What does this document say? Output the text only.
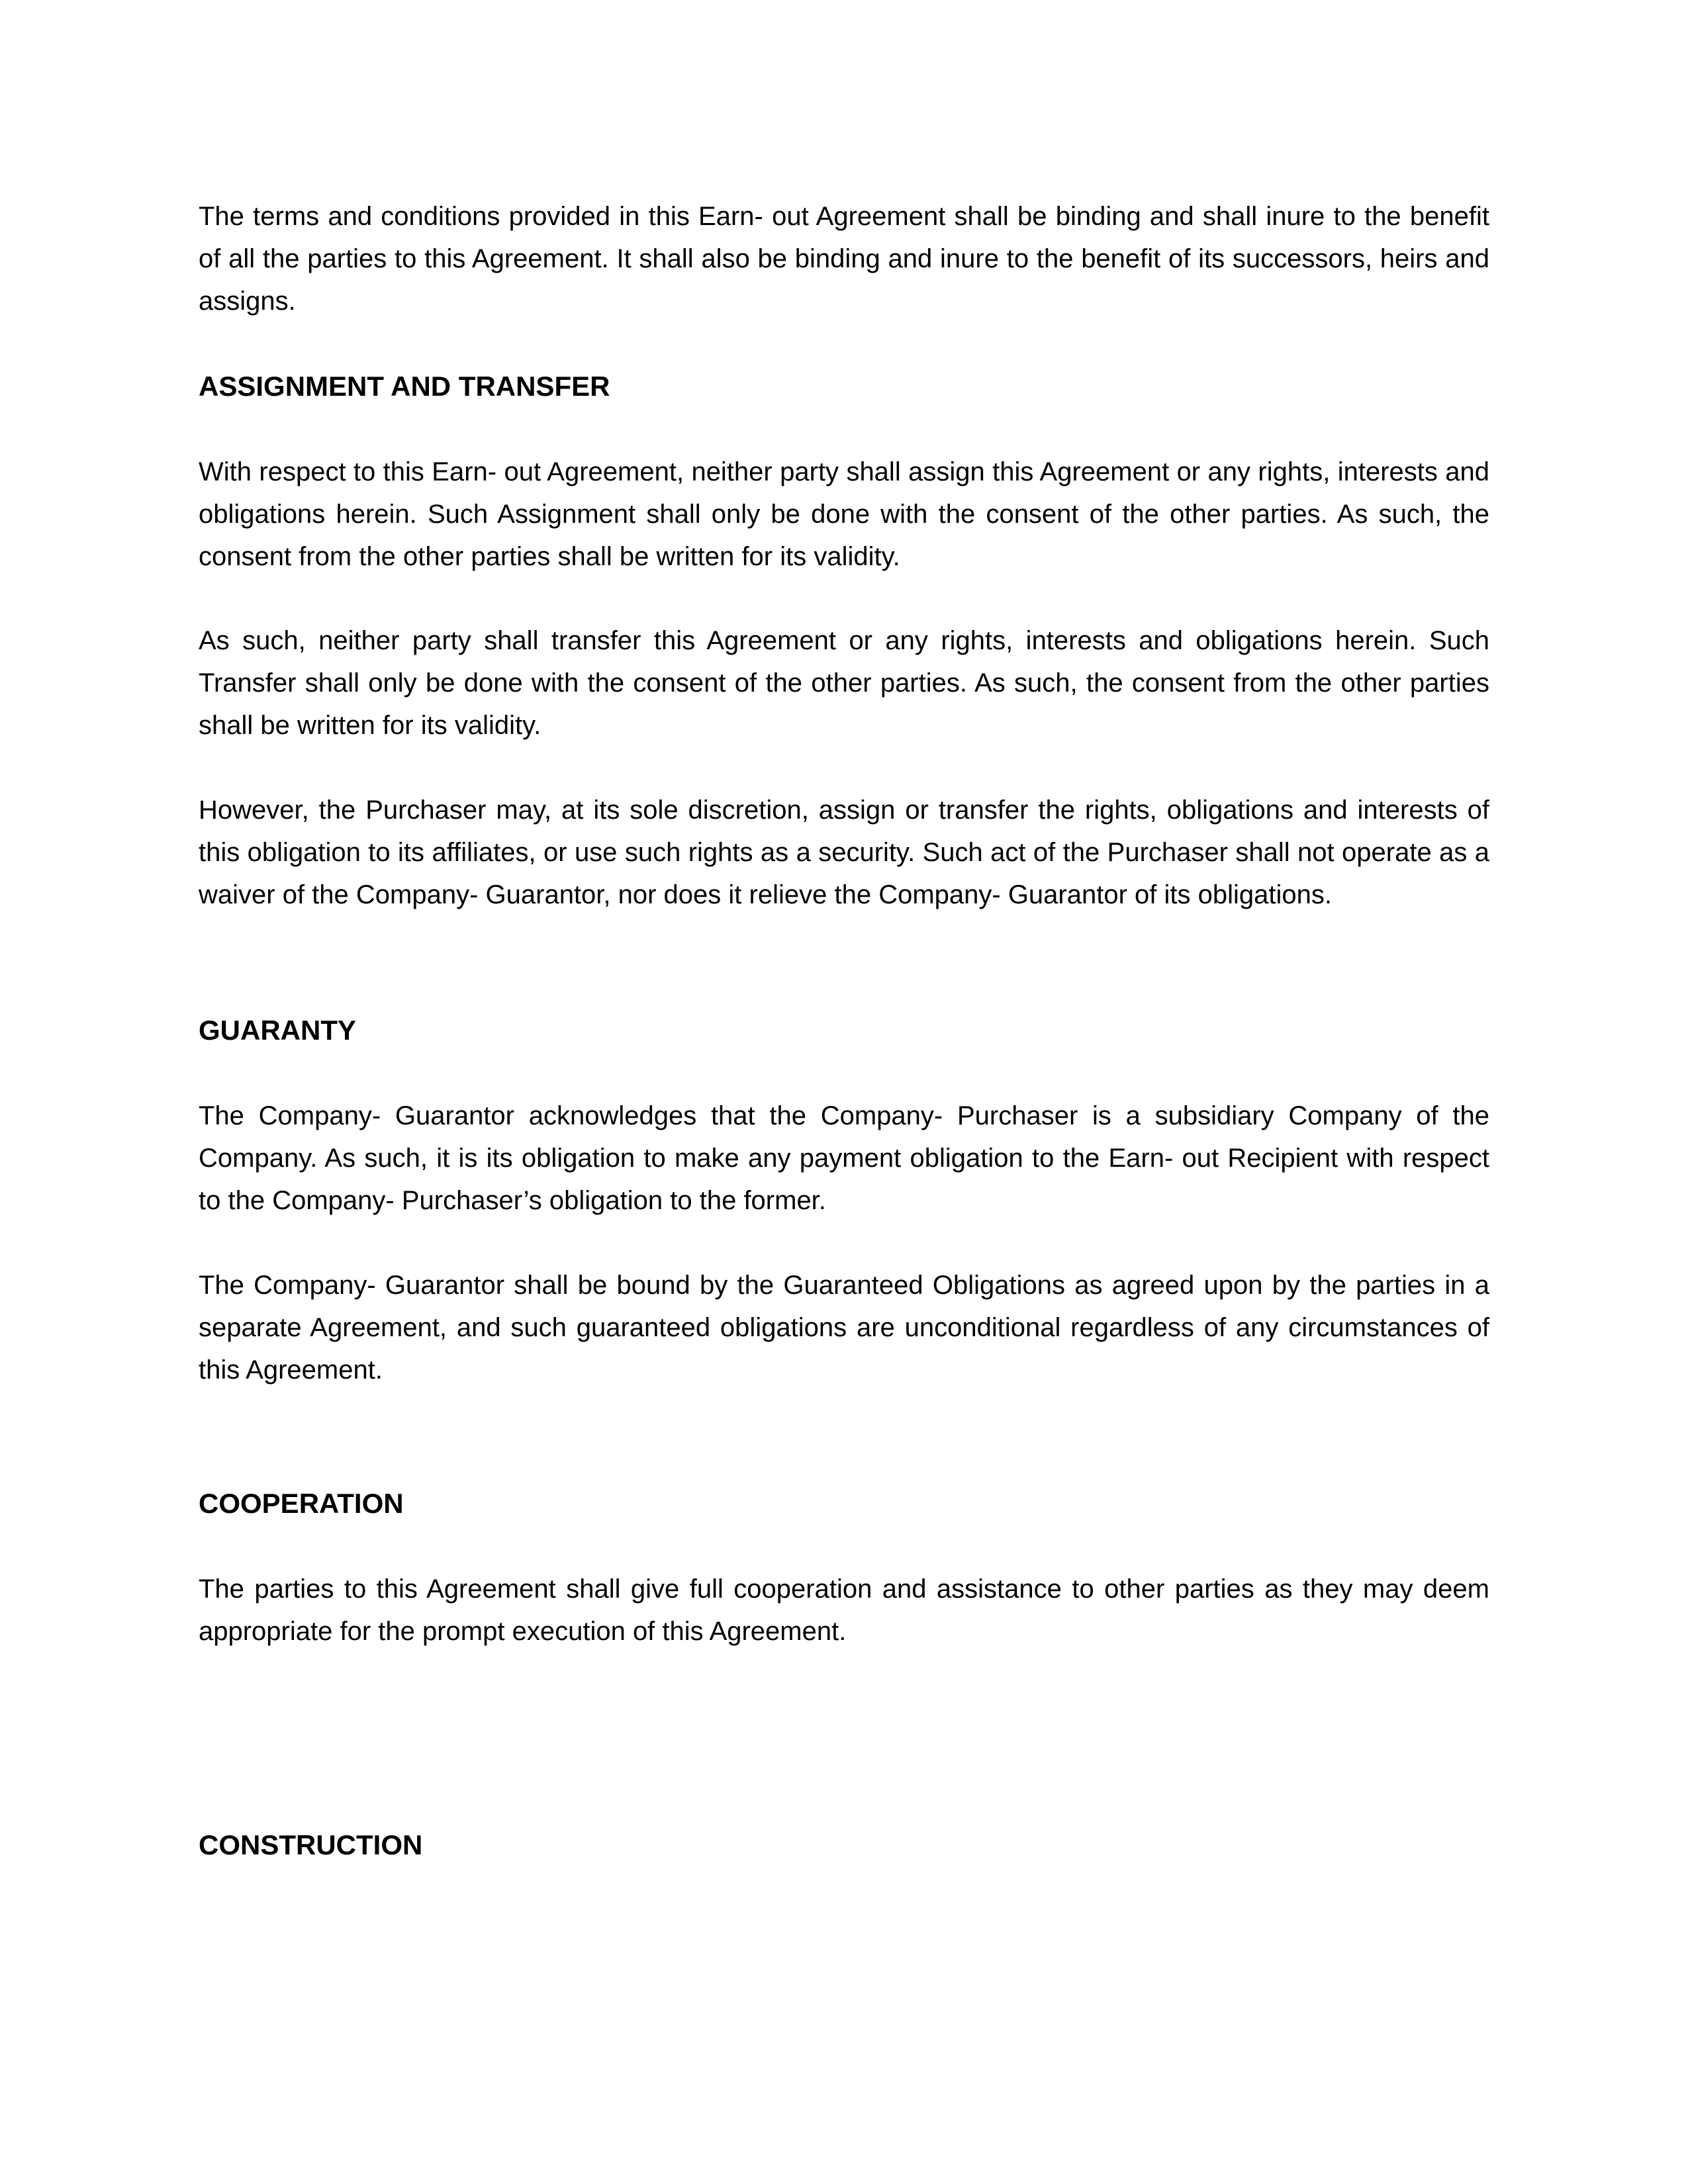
The terms and conditions provided in this Earn- out Agreement shall be binding and shall inure to the benefit of all the parties to this Agreement. It shall also be binding and inure to the benefit of its successors, heirs and assigns.

ASSIGNMENT AND TRANSFER

With respect to this Earn- out Agreement, neither party shall assign this Agreement or any rights, interests and obligations herein. Such Assignment shall only be done with the consent of the other parties. As such, the consent from the other parties shall be written for its validity.

As such, neither party shall transfer this Agreement or any rights, interests and obligations herein. Such Transfer shall only be done with the consent of the other parties. As such, the consent from the other parties shall be written for its validity.

However, the Purchaser may, at its sole discretion, assign or transfer the rights, obligations and interests of this obligation to its affiliates, or use such rights as a security. Such act of the Purchaser shall not operate as a waiver of the Company- Guarantor, nor does it relieve the Company- Guarantor of its obligations.

GUARANTY

The Company- Guarantor acknowledges that the Company- Purchaser is a subsidiary Company of the Company. As such, it is its obligation to make any payment obligation to the Earn- out Recipient with respect to the Company- Purchaser’s obligation to the former.

The Company- Guarantor shall be bound by the Guaranteed Obligations as agreed upon by the parties in a separate Agreement, and such guaranteed obligations are unconditional regardless of any circumstances of this Agreement.

COOPERATION

The parties to this Agreement shall give full cooperation and assistance to other parties as they may deem appropriate for the prompt execution of this Agreement.

CONSTRUCTION
